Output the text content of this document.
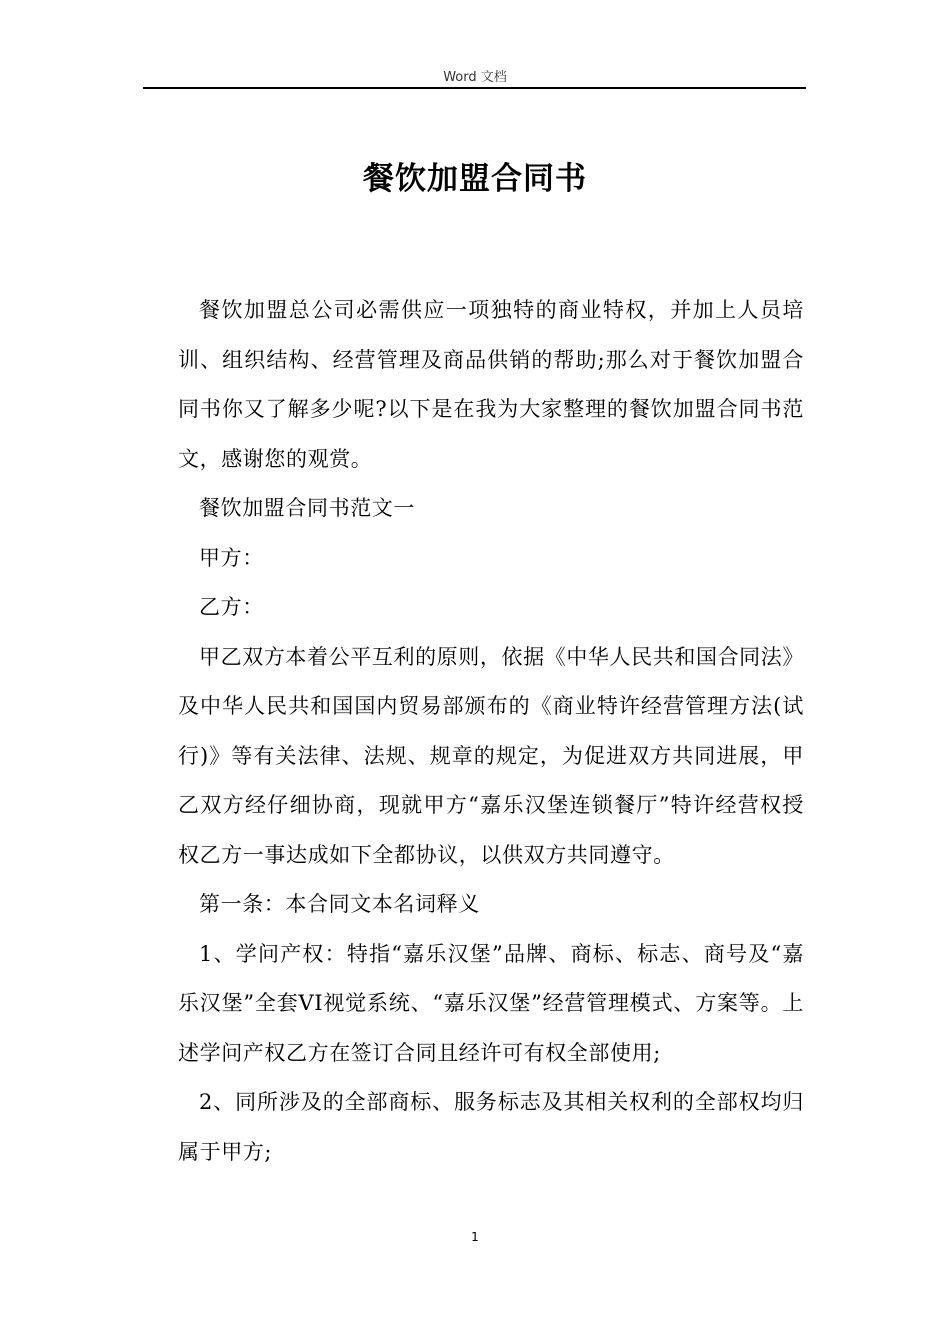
Word 文档
餐饮加盟合同书

餐饮加盟总公司必需供应一项独特的商业特权，并加上人员培训、组织结构、经营管理及商品供销的帮助;那么对于餐饮加盟合同书你又了解多少呢?以下是在我为大家整理的餐饮加盟合同书范文，感谢您的观赏。

餐饮加盟合同书范文一

甲方：

乙方：

甲乙双方本着公平互利的原则，依据《中华人民共和国合同法》及中华人民共和国国内贸易部颁布的《商业特许经营管理方法(试行)》等有关法律、法规、规章的规定，为促进双方共同进展，甲乙双方经仔细协商，现就甲方“嘉乐汉堡连锁餐厅”特许经营权授权乙方一事达成如下全都协议，以供双方共同遵守。

第一条：本合同文本名词释义

1、学问产权：特指“嘉乐汉堡”品牌、商标、标志、商号及“嘉乐汉堡”全套VI视觉系统、“嘉乐汉堡”经营管理模式、方案等。上述学问产权乙方在签订合同且经许可有权全部使用;

2、同所涉及的全部商标、服务标志及其相关权利的全部权均归属于甲方;

1
